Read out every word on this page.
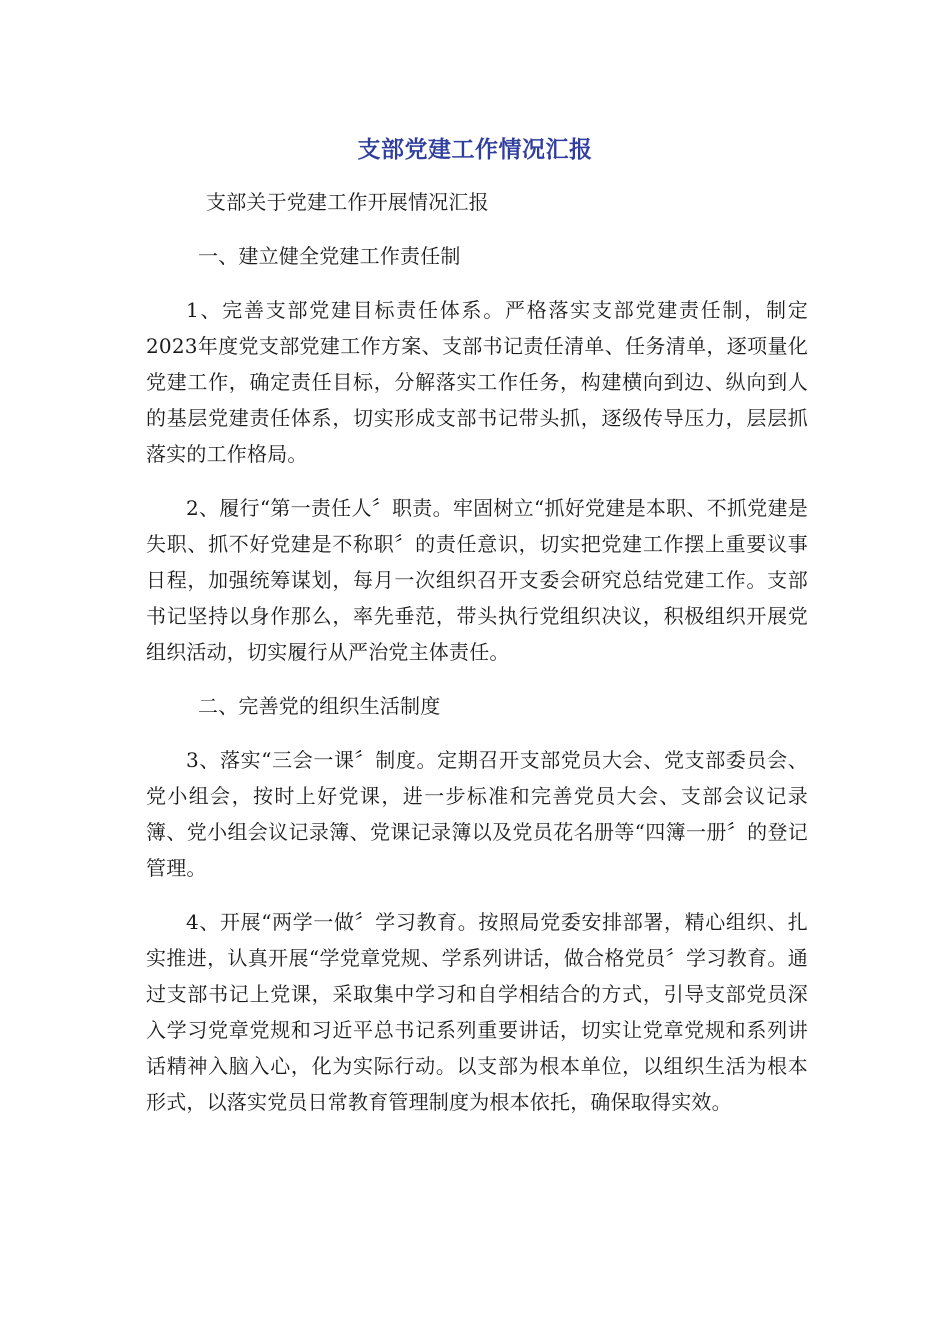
支部党建工作情况汇报

支部关于党建工作开展情况汇报

一、建立健全党建工作责任制

1、完善支部党建目标责任体系。严格落实支部党建责任制，制定2023年度党支部党建工作方案、支部书记责任清单、任务清单，逐项量化党建工作，确定责任目标，分解落实工作任务，构建横向到边、纵向到人的基层党建责任体系，切实形成支部书记带头抓，逐级传导压力，层层抓落实的工作格局。

2、履行“第一责任人〞职责。牢固树立“抓好党建是本职、不抓党建是失职、抓不好党建是不称职〞的责任意识，切实把党建工作摆上重要议事日程，加强统筹谋划，每月一次组织召开支委会研究总结党建工作。支部书记坚持以身作那么，率先垂范，带头执行党组织决议，积极组织开展党组织活动，切实履行从严治党主体责任。

二、完善党的组织生活制度

3、落实“三会一课〞制度。定期召开支部党员大会、党支部委员会、党小组会，按时上好党课，进一步标准和完善党员大会、支部会议记录簿、党小组会议记录簿、党课记录簿以及党员花名册等“四簿一册〞的登记管理。

4、开展“两学一做〞学习教育。按照局党委安排部署，精心组织、扎实推进，认真开展“学党章党规、学系列讲话，做合格党员〞学习教育。通过支部书记上党课，采取集中学习和自学相结合的方式，引导支部党员深入学习党章党规和习近平总书记系列重要讲话，切实让党章党规和系列讲话精神入脑入心，化为实际行动。以支部为根本单位，以组织生活为根本形式，以落实党员日常教育管理制度为根本依托，确保取得实效。
